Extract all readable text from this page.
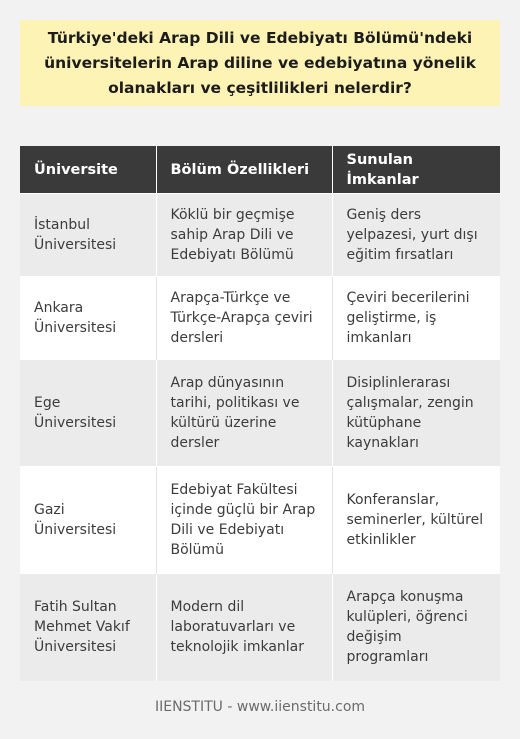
Türkiye'deki Arap Dili ve Edebiyatı Bölümü'ndeki
üniversitelerin Arap diline ve edebiyatına yönelik
olanakları ve çeşitlilikleri nelerdir?
Üniversite	Bölüm Özellikleri	Sunulan İmkanlar
İstanbul Üniversitesi	Köklü bir geçmişe sahip Arap Dili ve Edebiyatı Bölümü	Geniş ders yelpazesi, yurt dışı eğitim fırsatları
Ankara Üniversitesi	Arapça-Türkçe ve Türkçe-Arapça çeviri dersleri	Çeviri becerilerini geliştirme, iş imkanları
Ege Üniversitesi	Arap dünyasının tarihi, politikası ve kültürü üzerine dersler	Disiplinlerarası çalışmalar, zengin kütüphane kaynakları
Gazi Üniversitesi	Edebiyat Fakültesi içinde güçlü bir Arap Dili ve Edebiyatı Bölümü	Konferanslar, seminerler, kültürel etkinlikler
Fatih Sultan Mehmet Vakıf Üniversitesi	Modern dil laboratuvarları ve teknolojik imkanlar	Arapça konuşma kulüpleri, öğrenci değişim programları
IIENSTITU - www.iienstitu.com
